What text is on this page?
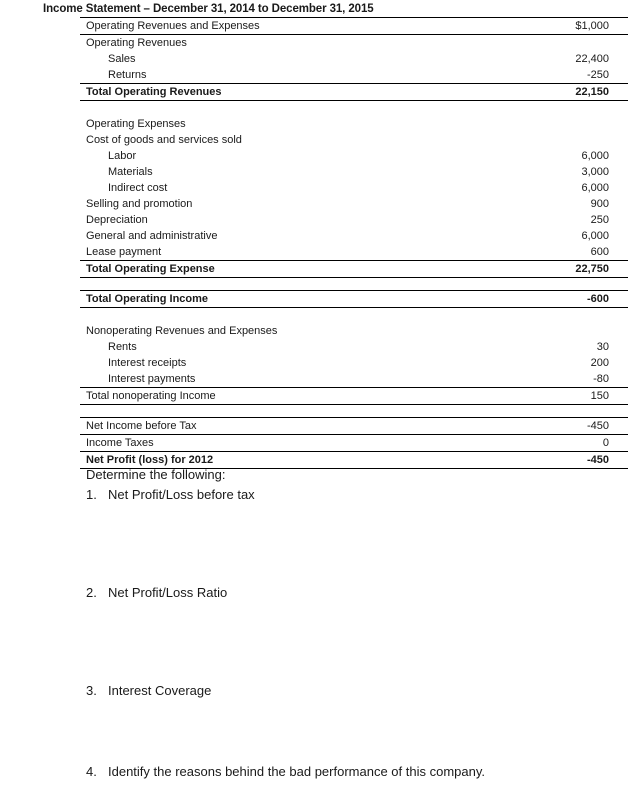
Income Statement – December 31, 2014 to December 31, 2015
Operating Revenues and Expenses	$1,000
Operating Revenues	
Sales	22,400
Returns	-250
Total Operating Revenues	22,150

Operating Expenses	
Cost of goods and services sold	
Labor	6,000
Materials	3,000
Indirect cost	6,000
Selling and promotion	900
Depreciation	250
General and administrative	6,000
Lease payment	600
Total Operating Expense	22,750

Total Operating Income	-600

Nonoperating Revenues and Expenses	
Rents	30
Interest receipts	200
Interest payments	-80
Total nonoperating Income	150

Net Income before Tax	-450
Income Taxes	0
Net Profit (loss) for 2012	-450
Determine the following:
1. Net Profit/Loss before tax
2. Net Profit/Loss Ratio
3. Interest Coverage
4. Identify the reasons behind the bad performance of this company.
